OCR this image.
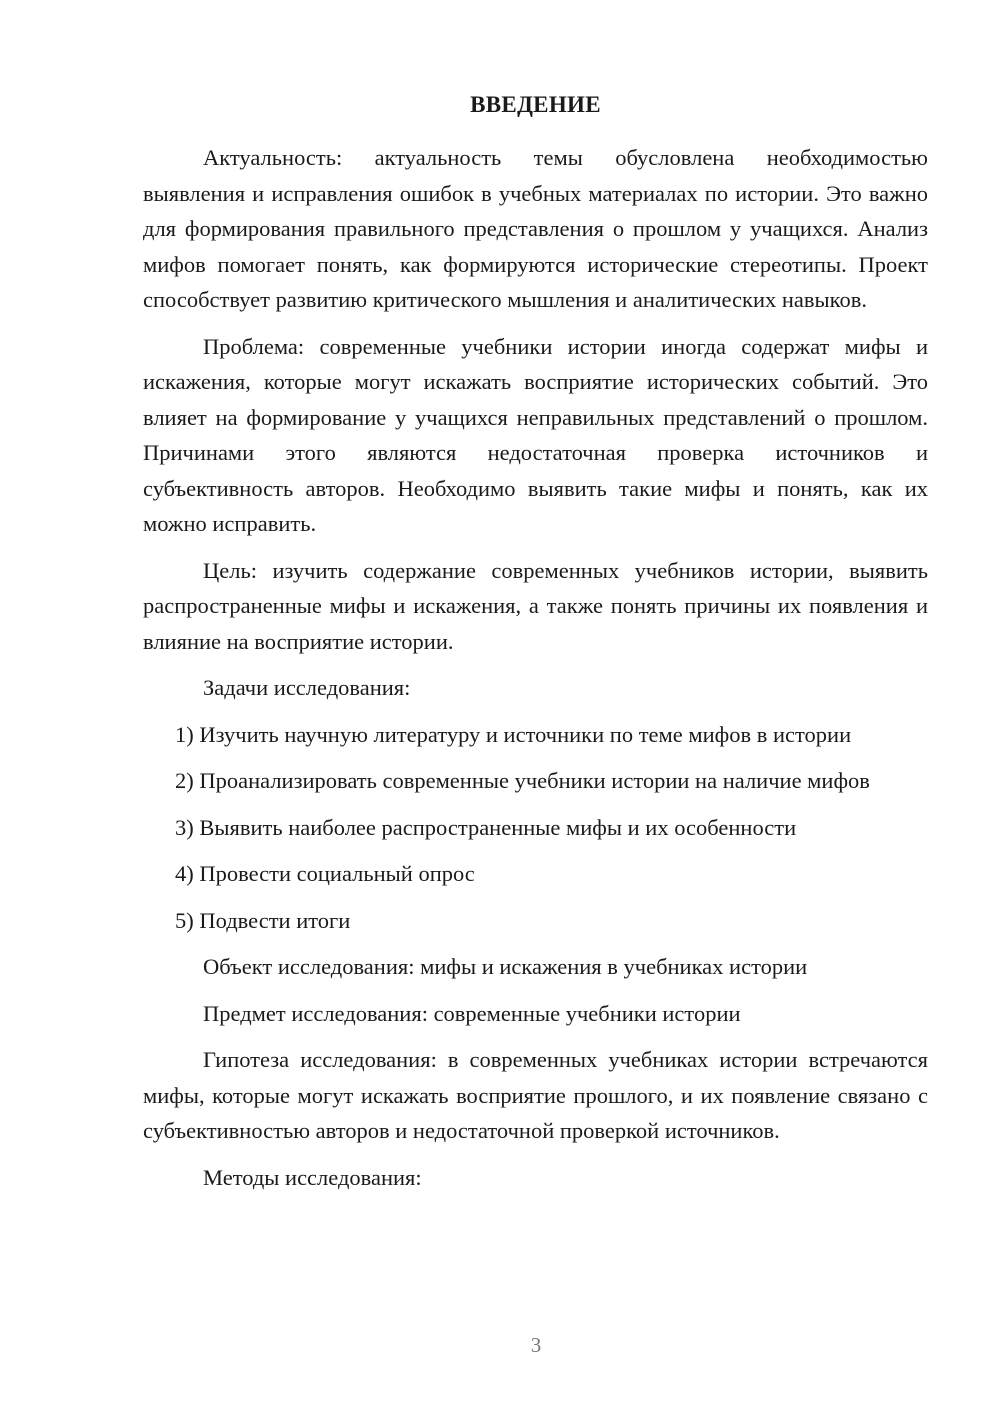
ВВЕДЕНИЕ

Актуальность: актуальность темы обусловлена необходимостью выявления и исправления ошибок в учебных материалах по истории. Это важно для формирования правильного представления о прошлом у учащихся. Анализ мифов помогает понять, как формируются исторические стереотипы. Проект способствует развитию критического мышления и аналитических навыков.

Проблема: современные учебники истории иногда содержат мифы и искажения, которые могут искажать восприятие исторических событий. Это влияет на формирование у учащихся неправильных представлений о прошлом. Причинами этого являются недостаточная проверка источников и субъективность авторов. Необходимо выявить такие мифы и понять, как их можно исправить.

Цель: изучить содержание современных учебников истории, выявить распространенные мифы и искажения, а также понять причины их появления и влияние на восприятие истории.

Задачи исследования:

1) Изучить научную литературу и источники по теме мифов в истории

2) Проанализировать современные учебники истории на наличие мифов

3) Выявить наиболее распространенные мифы и их особенности

4) Провести социальный опрос

5) Подвести итоги

Объект исследования: мифы и искажения в учебниках истории

Предмет исследования: современные учебники истории

Гипотеза исследования: в современных учебниках истории встречаются мифы, которые могут искажать восприятие прошлого, и их появление связано с субъективностью авторов и недостаточной проверкой источников.

Методы исследования:

3
